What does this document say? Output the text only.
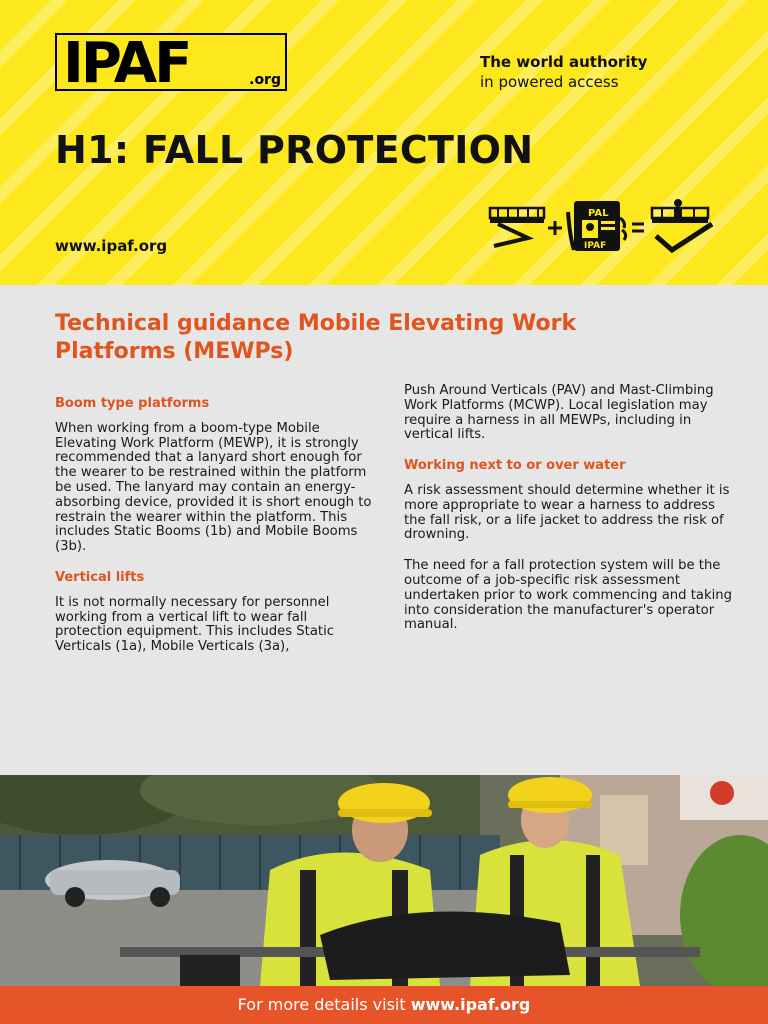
IPAF	.org
The world authority
in powered access
H1: FALL PROTECTION
www.ipaf.org
PAL
IPAF
Technical guidance Mobile Elevating Work Platforms (MEWPs)
Boom type platforms

When working from a boom-type Mobile Elevating Work Platform (MEWP), it is strongly recommended that a lanyard short enough for the wearer to be restrained within the platform be used. The lanyard may contain an energy-absorbing device, provided it is short enough to restrain the wearer within the platform. This includes Static Booms (1b) and Mobile Booms (3b).

Vertical lifts

It is not normally necessary for personnel working from a vertical lift to wear fall protection equipment. This includes Static Verticals (1a), Mobile Verticals (3a),

Push Around Verticals (PAV) and Mast-Climbing Work Platforms (MCWP). Local legislation may require a harness in all MEWPs, including in vertical lifts.

Working next to or over water

A risk assessment should determine whether it is more appropriate to wear a harness to address the fall risk, or a life jacket to address the risk of drowning.

The need for a fall protection system will be the outcome of a job-specific risk assessment undertaken prior to work commencing and taking into consideration the manufacturer's operator manual.

For more details visit www.ipaf.org
